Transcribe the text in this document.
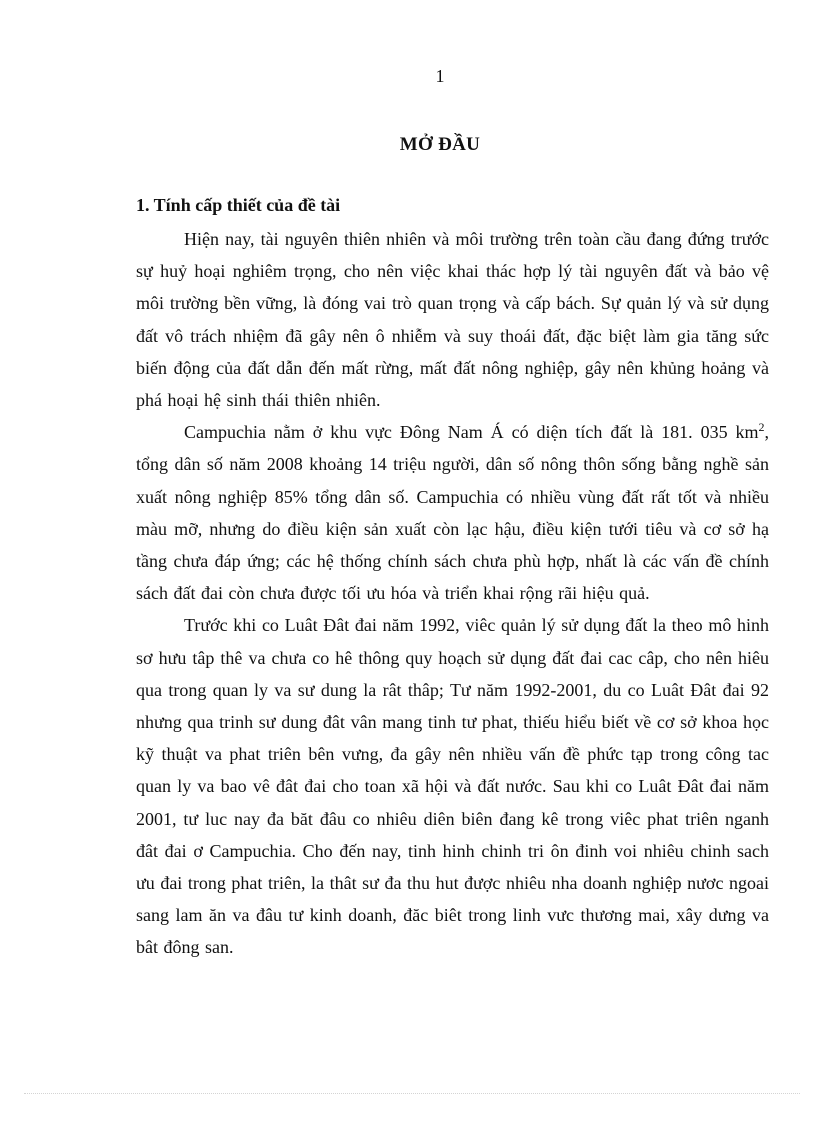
1
MỞ ĐẦU
1. Tính cấp thiết của đề tài

Hiện nay, tài nguyên thiên nhiên và môi trường trên toàn cầu đang đứng trước sự huỷ hoại nghiêm trọng, cho nên việc khai thác hợp lý tài nguyên đất và bảo vệ môi trường bền vững, là đóng vai trò quan trọng và cấp bách. Sự quản lý và sử dụng đất vô trách nhiệm đã gây nên ô nhiễm và suy thoái đất, đặc biệt làm gia tăng sức biến động của đất dẫn đến mất rừng, mất đất nông nghiệp, gây nên khủng hoảng và phá hoại hệ sinh thái thiên nhiên.

Campuchia nằm ở khu vực Đông Nam Á có diện tích đất là 181. 035 $km^2$, tổng dân số năm 2008 khoảng 14 triệu người, dân số nông thôn sống bằng nghề sản xuất nông nghiệp 85% tổng dân số. Campuchia có nhiều vùng đất rất tốt và nhiều màu mỡ, nhưng do điều kiện sản xuất còn lạc hậu, điều kiện tưới tiêu và cơ sở hạ tầng chưa đáp ứng; các hệ thống chính sách chưa phù hợp, nhất là các vấn đề chính sách đất đai còn chưa được tối ưu hóa và triển khai rộng rãi hiệu quả.

Trước khi co Luât Đât đai năm 1992, viêc quản lý sử dụng đất la theo mô hinh sơ hưu tâp thê va chưa co hê thông quy hoạch sử dụng đất đai cac câp, cho nên hiêu qua trong quan ly va sư dung la rât thâp; Tư năm 1992-2001, du co Luât Đât đai 92 nhưng qua trinh sư dung đât vân mang tinh tư phat, thiếu hiểu biết về cơ sở khoa học kỹ thuật va phat triên bên vưng, đa gây nên nhiều vấn đề phức tạp trong công tac quan ly va bao vê đât đai cho toan xã hội và đất nước. Sau khi co Luât Đât đai năm 2001, tư luc nay đa băt đâu co nhiêu diên biên đang kê trong viêc phat triên nganh đât đai ơ Campuchia. Cho đến nay, tinh hinh chinh tri ôn đinh voi nhiêu chinh sach ưu đai trong phat triên, la thât sư đa thu hut được nhiêu nha doanh nghiệp nươc ngoai sang lam ăn va đâu tư kinh doanh, đăc biêt trong linh vưc thương mai, xây dưng va bât đông san.
